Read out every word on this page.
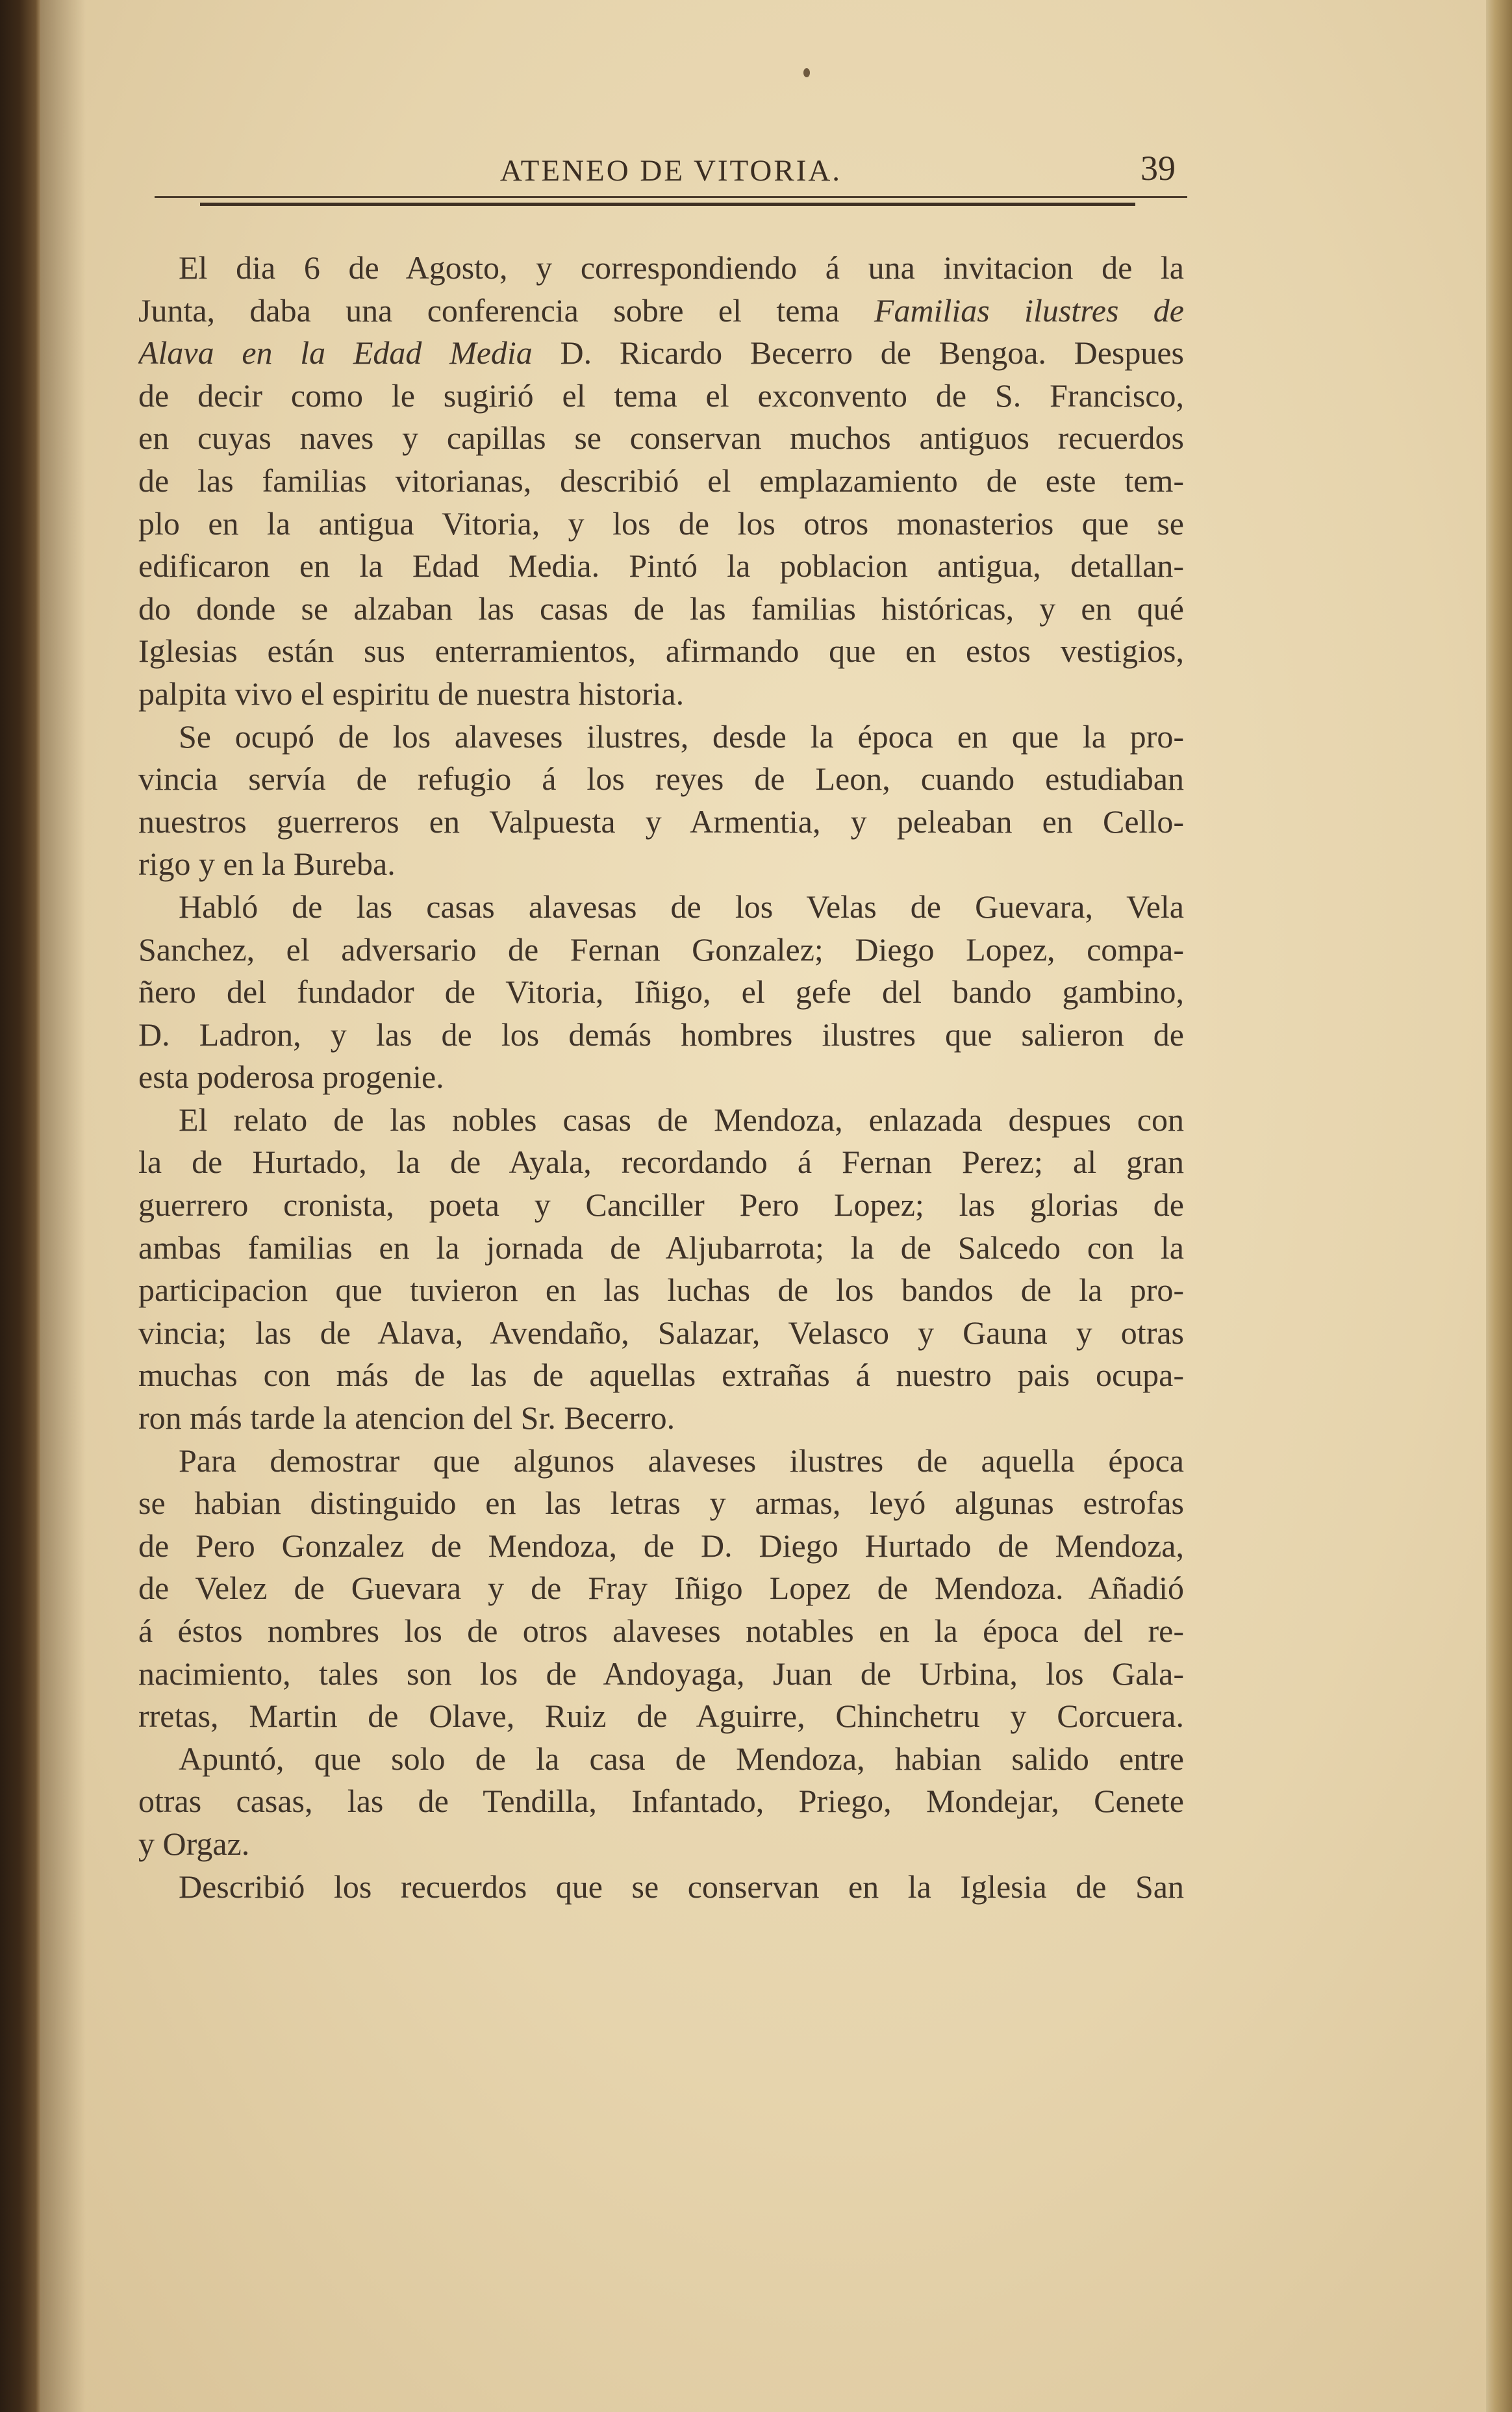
ATENEO DE VITORIA.	39
El dia 6 de Agosto, y correspondiendo á una invitacion de la
Junta, daba una conferencia sobre el tema Familias ilustres de
Alava en la Edad Media D. Ricardo Becerro de Bengoa. Despues
de decir como le sugirió el tema el exconvento de S. Francisco,
en cuyas naves y capillas se conservan muchos antiguos recuerdos
de las familias vitorianas, describió el emplazamiento de este tem-
plo en la antigua Vitoria, y los de los otros monasterios que se
edificaron en la Edad Media. Pintó la poblacion antigua, detallan-
do donde se alzaban las casas de las familias históricas, y en qué
Iglesias están sus enterramientos, afirmando que en estos vestigios,
palpita vivo el espiritu de nuestra historia.
Se ocupó de los alaveses ilustres, desde la época en que la pro-
vincia servía de refugio á los reyes de Leon, cuando estudiaban
nuestros guerreros en Valpuesta y Armentia, y peleaban en Cello-
rigo y en la Bureba.
Habló de las casas alavesas de los Velas de Guevara, Vela
Sanchez, el adversario de Fernan Gonzalez; Diego Lopez, compa-
ñero del fundador de Vitoria, Iñigo, el gefe del bando gambino,
D. Ladron, y las de los demás hombres ilustres que salieron de
esta poderosa progenie.
El relato de las nobles casas de Mendoza, enlazada despues con
la de Hurtado, la de Ayala, recordando á Fernan Perez; al gran
guerrero cronista, poeta y Canciller Pero Lopez; las glorias de
ambas familias en la jornada de Aljubarrota; la de Salcedo con la
participacion que tuvieron en las luchas de los bandos de la pro-
vincia; las de Alava, Avendaño, Salazar, Velasco y Gauna y otras
muchas con más de las de aquellas extrañas á nuestro pais ocupa-
ron más tarde la atencion del Sr. Becerro.
Para demostrar que algunos alaveses ilustres de aquella época
se habian distinguido en las letras y armas, leyó algunas estrofas
de Pero Gonzalez de Mendoza, de D. Diego Hurtado de Mendoza,
de Velez de Guevara y de Fray Iñigo Lopez de Mendoza. Añadió
á éstos nombres los de otros alaveses notables en la época del re-
nacimiento, tales son los de Andoyaga, Juan de Urbina, los Gala-
rretas, Martin de Olave, Ruiz de Aguirre, Chinchetru y Corcuera.
Apuntó, que solo de la casa de Mendoza, habian salido entre
otras casas, las de Tendilla, Infantado, Priego, Mondejar, Cenete
y Orgaz.
Describió los recuerdos que se conservan en la Iglesia de San
